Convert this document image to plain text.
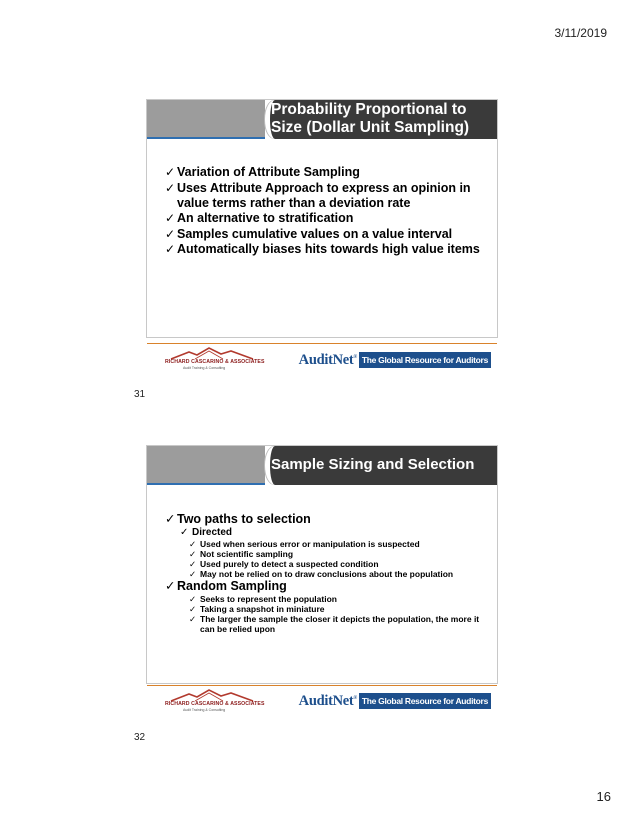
3/11/2019
Probability Proportional to Size (Dollar Unit Sampling)
✓ Variation of Attribute Sampling
✓ Uses Attribute Approach to express an opinion in value terms rather than a deviation rate
✓ An alternative to stratification
✓ Samples cumulative values on a value interval
✓ Automatically biases hits towards high value items
RICHARD CASCARINO & ASSOCIATES
Audit Training & Consulting
AuditNet® The Global Resource for Auditors
31
Sample Sizing and Selection
✓ Two paths to selection
✓ Directed
✓ Used when serious error or manipulation is suspected
✓ Not scientific sampling
✓ Used purely to detect a suspected condition
✓ May not be relied on to draw conclusions about the population
✓ Random Sampling
✓ Seeks to represent the population
✓ Taking a snapshot in miniature
✓ The larger the sample the closer it depicts the population, the more it can be relied upon
RICHARD CASCARINO & ASSOCIATES
Audit Training & Consulting
AuditNet® The Global Resource for Auditors
32
16
